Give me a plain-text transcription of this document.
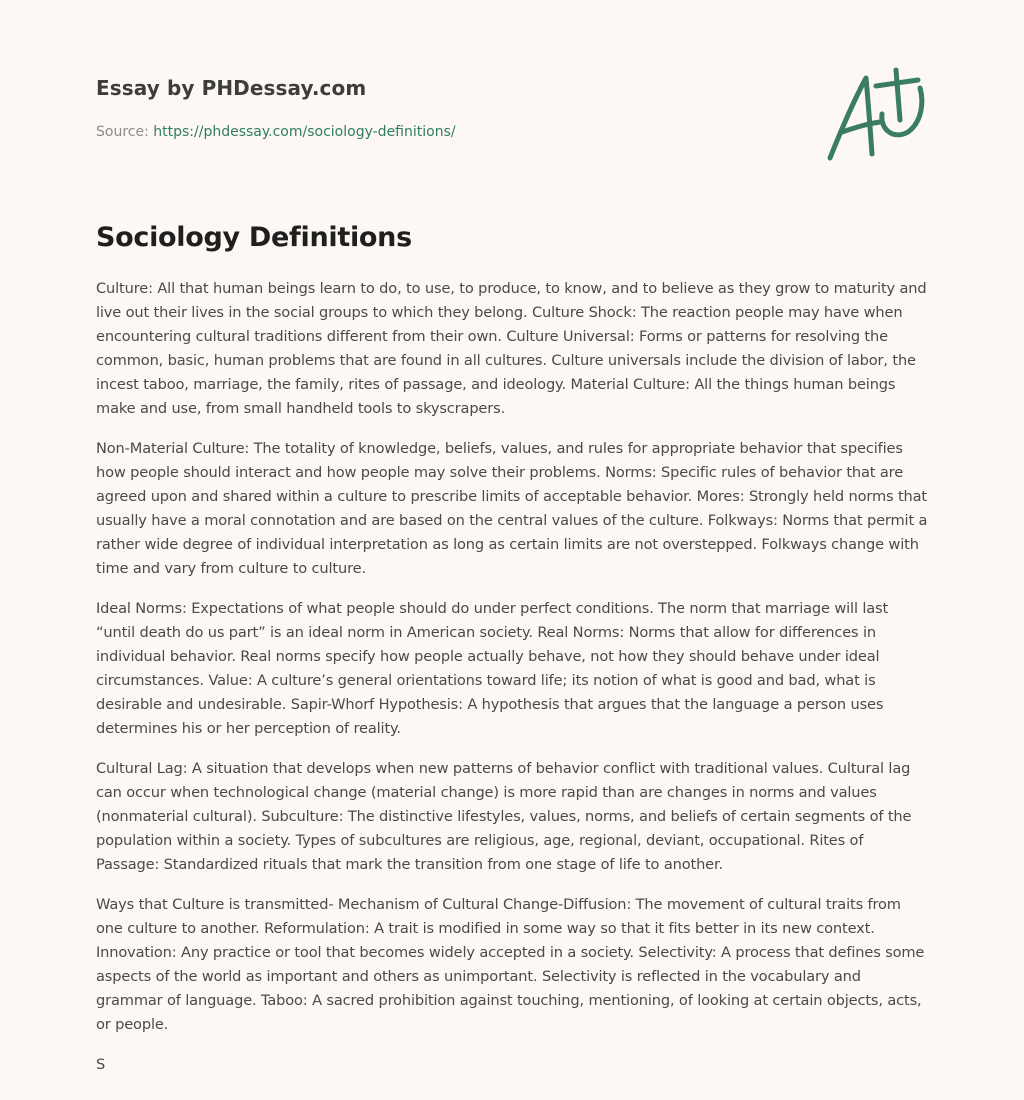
Essay by PHDessay.com
Source: https://phdessay.com/sociology-definitions/
Sociology Definitions

Culture: All that human beings learn to do, to use, to produce, to know, and to believe as they grow to maturity and live out their lives in the social groups to which they belong. Culture Shock: The reaction people may have when encountering cultural traditions different from their own. Culture Universal: Forms or patterns for resolving the common, basic, human problems that are found in all cultures. Culture universals include the division of labor, the incest taboo, marriage, the family, rites of passage, and ideology. Material Culture: All the things human beings make and use, from small handheld tools to skyscrapers.

Non-Material Culture: The totality of knowledge, beliefs, values, and rules for appropriate behavior that specifies how people should interact and how people may solve their problems. Norms: Specific rules of behavior that are agreed upon and shared within a culture to prescribe limits of acceptable behavior. Mores: Strongly held norms that usually have a moral connotation and are based on the central values of the culture. Folkways: Norms that permit a rather wide degree of individual interpretation as long as certain limits are not overstepped. Folkways change with time and vary from culture to culture.

Ideal Norms: Expectations of what people should do under perfect conditions. The norm that marriage will last “until death do us part” is an ideal norm in American society. Real Norms: Norms that allow for differences in individual behavior. Real norms specify how people actually behave, not how they should behave under ideal circumstances. Value: A culture’s general orientations toward life; its notion of what is good and bad, what is desirable and undesirable. Sapir-Whorf Hypothesis: A hypothesis that argues that the language a person uses determines his or her perception of reality.

Cultural Lag: A situation that develops when new patterns of behavior conflict with traditional values. Cultural lag can occur when technological change (material change) is more rapid than are changes in norms and values (nonmaterial cultural). Subculture: The distinctive lifestyles, values, norms, and beliefs of certain segments of the population within a society. Types of subcultures are religious, age, regional, deviant, occupational. Rites of Passage: Standardized rituals that mark the transition from one stage of life to another.

Ways that Culture is transmitted- Mechanism of Cultural Change-Diffusion: The movement of cultural traits from one culture to another. Reformulation: A trait is modified in some way so that it fits better in its new context. Innovation: Any practice or tool that becomes widely accepted in a society. Selectivity: A process that defines some aspects of the world as important and others as unimportant. Selectivity is reflected in the vocabulary and grammar of language. Taboo: A sacred prohibition against touching, mentioning, of looking at certain objects, acts, or people.

S
